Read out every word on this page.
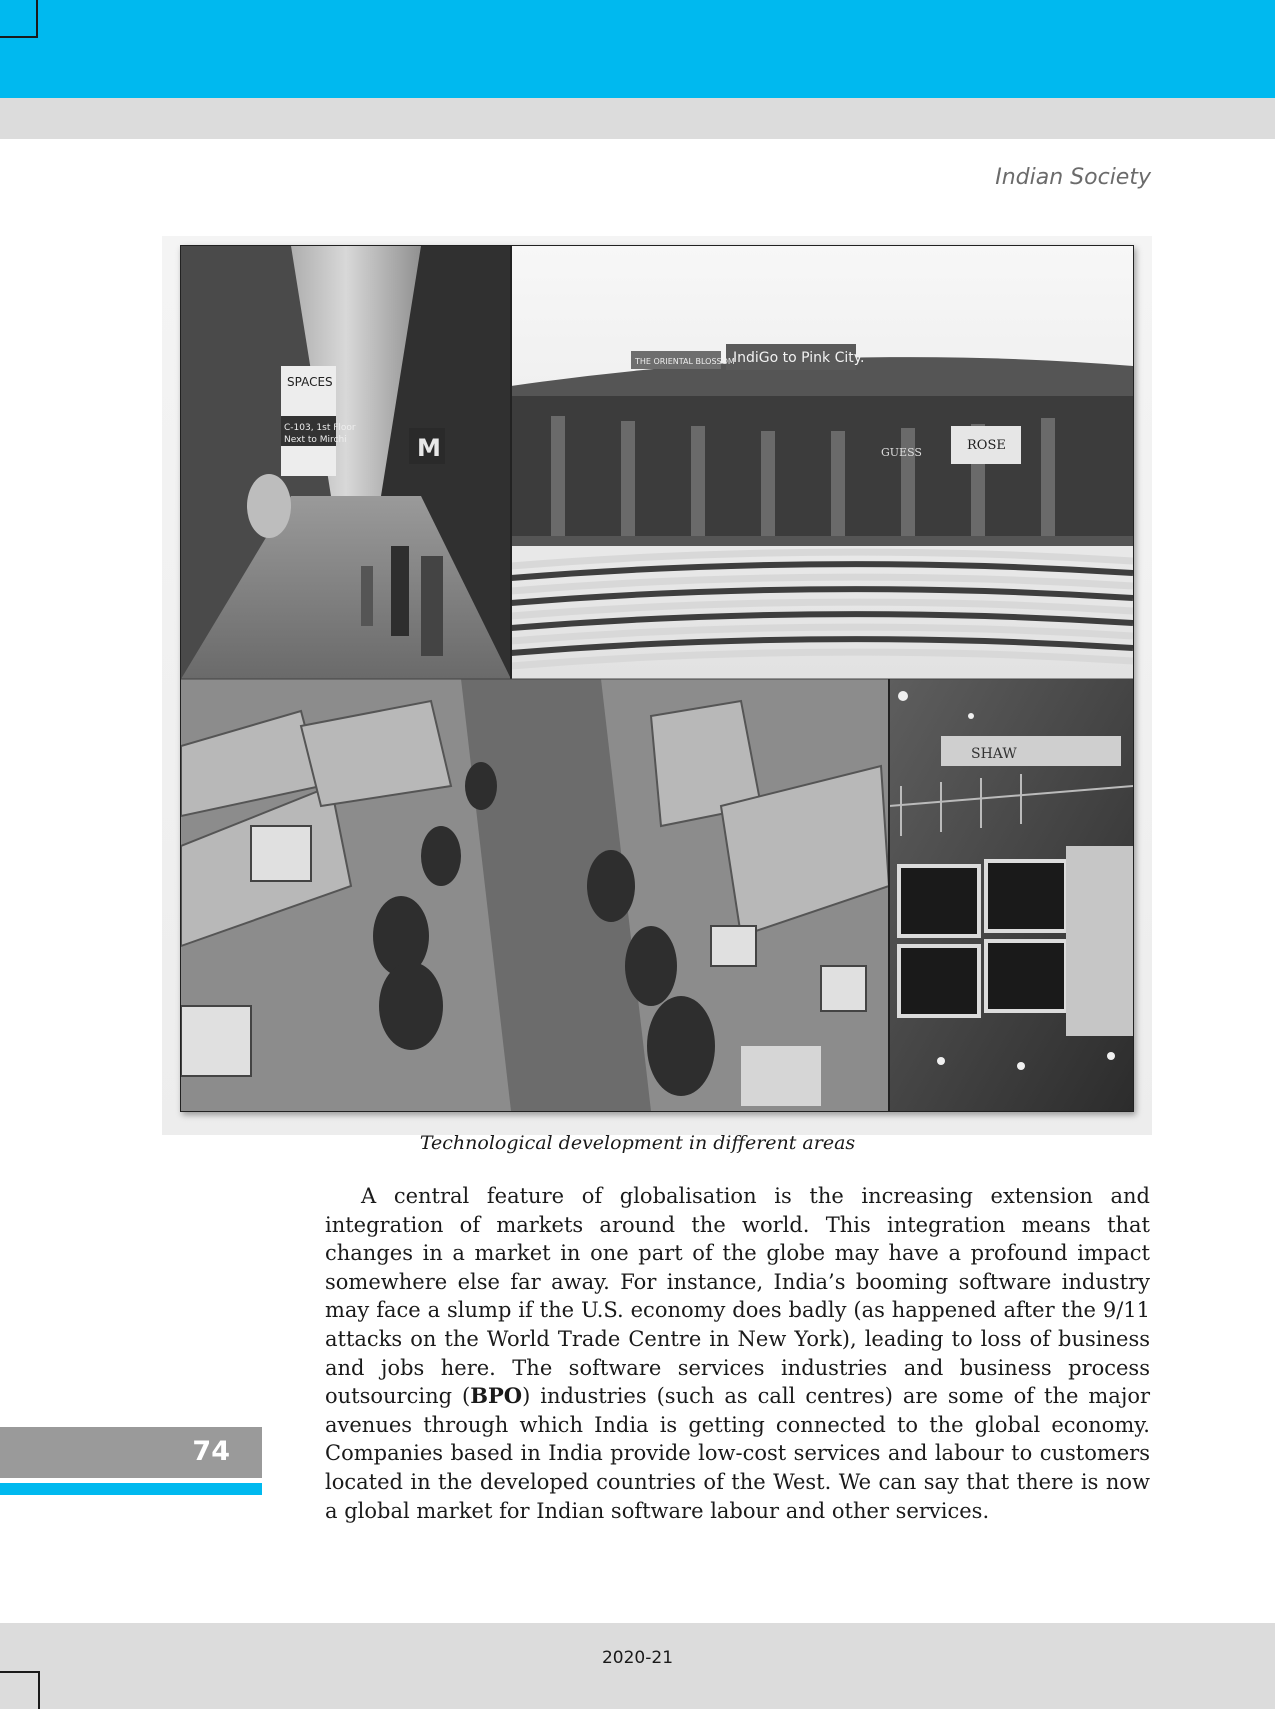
Indian Society
SPACES
C-103, 1st Floor
Next to Mirchi	M
IndiGo to Pink City.
THE ORIENTAL BLOSSOM
ROSE
GUESS
SHAW
Technological development in different areas

A central feature of globalisation is the increasing extension and integration of markets around the world. This integration means that changes in a market in one part of the globe may have a profound impact somewhere else far away. For instance, India’s booming software industry may face a slump if the U.S. economy does badly (as happened after the 9/11 attacks on the World Trade Centre in New York), leading to loss of business and jobs here. The software services industries and business process outsourcing (BPO) industries (such as call centres) are some of the major avenues through which India is getting connected to the global economy. Companies based in India provide low-cost services and labour to customers located in the developed countries of the West. We can say that there is now a global market for Indian software labour and other services.

74
2020-21
